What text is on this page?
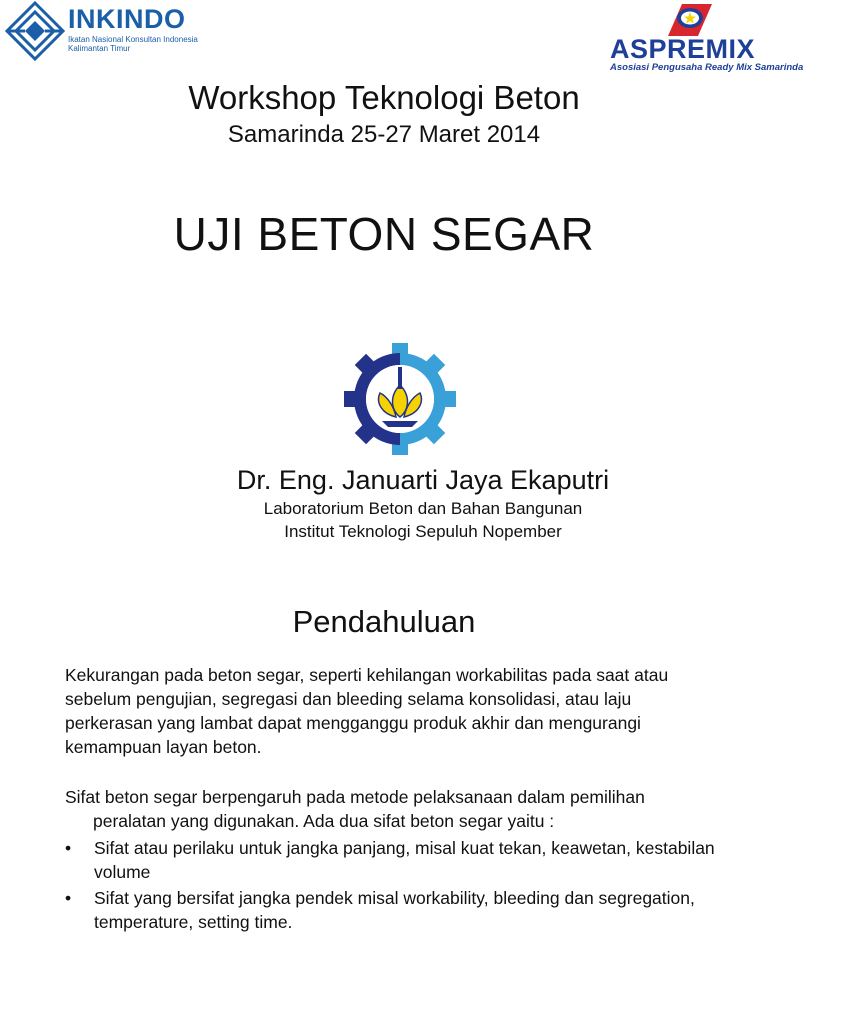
INKINDO
Ikatan Nasional Konsultan Indonesia
Kalimantan Timur	ASPREMIX
Asosiasi Pengusaha Ready Mix Samarinda
Workshop Teknologi Beton
Samarinda 25-27 Maret 2014
UJI BETON SEGAR
Dr. Eng. Januarti Jaya Ekaputri
Laboratorium Beton dan Bahan Bangunan
Institut Teknologi Sepuluh Nopember
Pendahuluan
Kekurangan pada beton segar, seperti kehilangan workabilitas pada saat atau sebelum pengujian, segregasi dan bleeding selama konsolidasi, atau laju perkerasan yang lambat dapat mengganggu produk akhir dan mengurangi kemampuan layan beton.
Sifat beton segar berpengaruh pada metode pelaksanaan dalam pemilihan
peralatan yang digunakan. Ada dua sifat beton segar yaitu :
• Sifat atau perilaku untuk jangka panjang, misal kuat tekan, keawetan, kestabilan volume
• Sifat yang bersifat jangka pendek misal workability, bleeding dan segregation, temperature, setting time.
